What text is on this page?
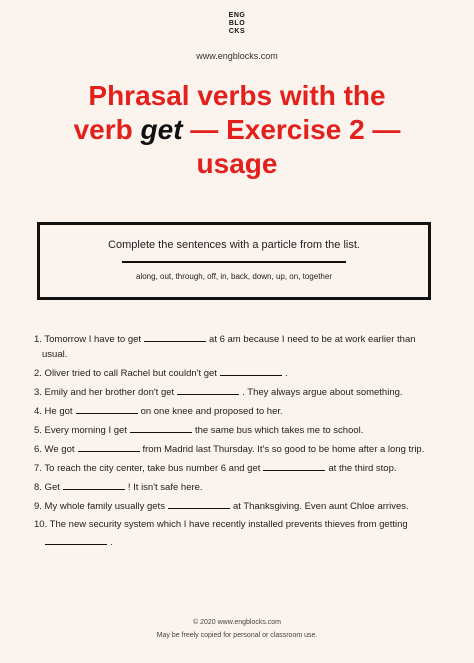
ENG
BLO
CKS
www.engblocks.com
Phrasal verbs with the
verb get — Exercise 2 —
usage
Complete the sentences with a particle from the list.
along, out, through, off, in, back, down, up, on, together
1. Tomorrow I have to get	at 6 am because I need to be at work earlier than
usual.
2. Oliver tried to call Rachel but couldn't get	.
3. Emily and her brother don't get	. They always argue about something.
4. He got	on one knee and proposed to her.
5. Every morning I get	the same bus which takes me to school.
6. We got	from Madrid last Thursday. It's so good to be home after a long trip.
7. To reach the city center, take bus number 6 and get	at the third stop.
8. Get	! It isn't safe here.
9. My whole family usually gets	at Thanksgiving. Even aunt Chloe arrives.
10. The new security system which I have recently installed prevents thieves from getting
.
© 2020 www.engblocks.com
May be freely copied for personal or classroom use.
